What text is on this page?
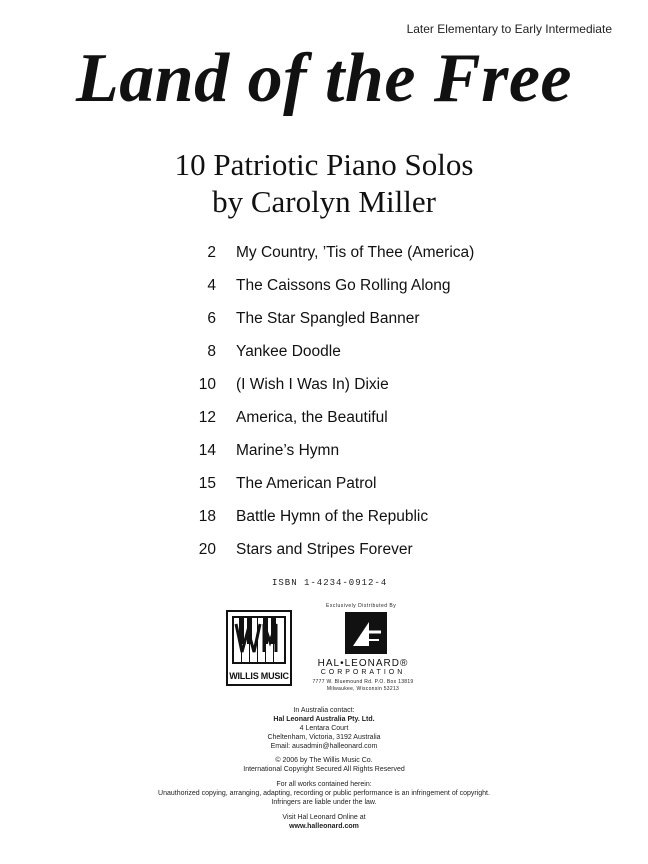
Later Elementary to Early Intermediate
Land of the Free
10 Patriotic Piano Solos
by Carolyn Miller
2 My Country, ’Tis of Thee (America)
4 The Caissons Go Rolling Along
6 The Star Spangled Banner
8 Yankee Doodle
10 (I Wish I Was In) Dixie
12 America, the Beautiful
14 Marine’s Hymn
15 The American Patrol
18 Battle Hymn of the Republic
20 Stars and Stripes Forever
ISBN 1-4234-0912-4
WILLIS MUSIC
Exclusively Distributed By
HAL•LEONARD®
CORPORATION
7777 W. Bluemound Rd. P.O. Box 13819
Milwaukee, Wisconsin 53213
In Australia contact:
Hal Leonard Australia Pty. Ltd.
4 Lentara Court
Cheltenham, Victoria, 3192 Australia
Email: ausadmin@halleonard.com
© 2006 by The Willis Music Co.
International Copyright Secured All Rights Reserved
For all works contained herein:
Unauthorized copying, arranging, adapting, recording or public performance is an infringement of copyright.
Infringers are liable under the law.
Visit Hal Leonard Online at
www.halleonard.com
